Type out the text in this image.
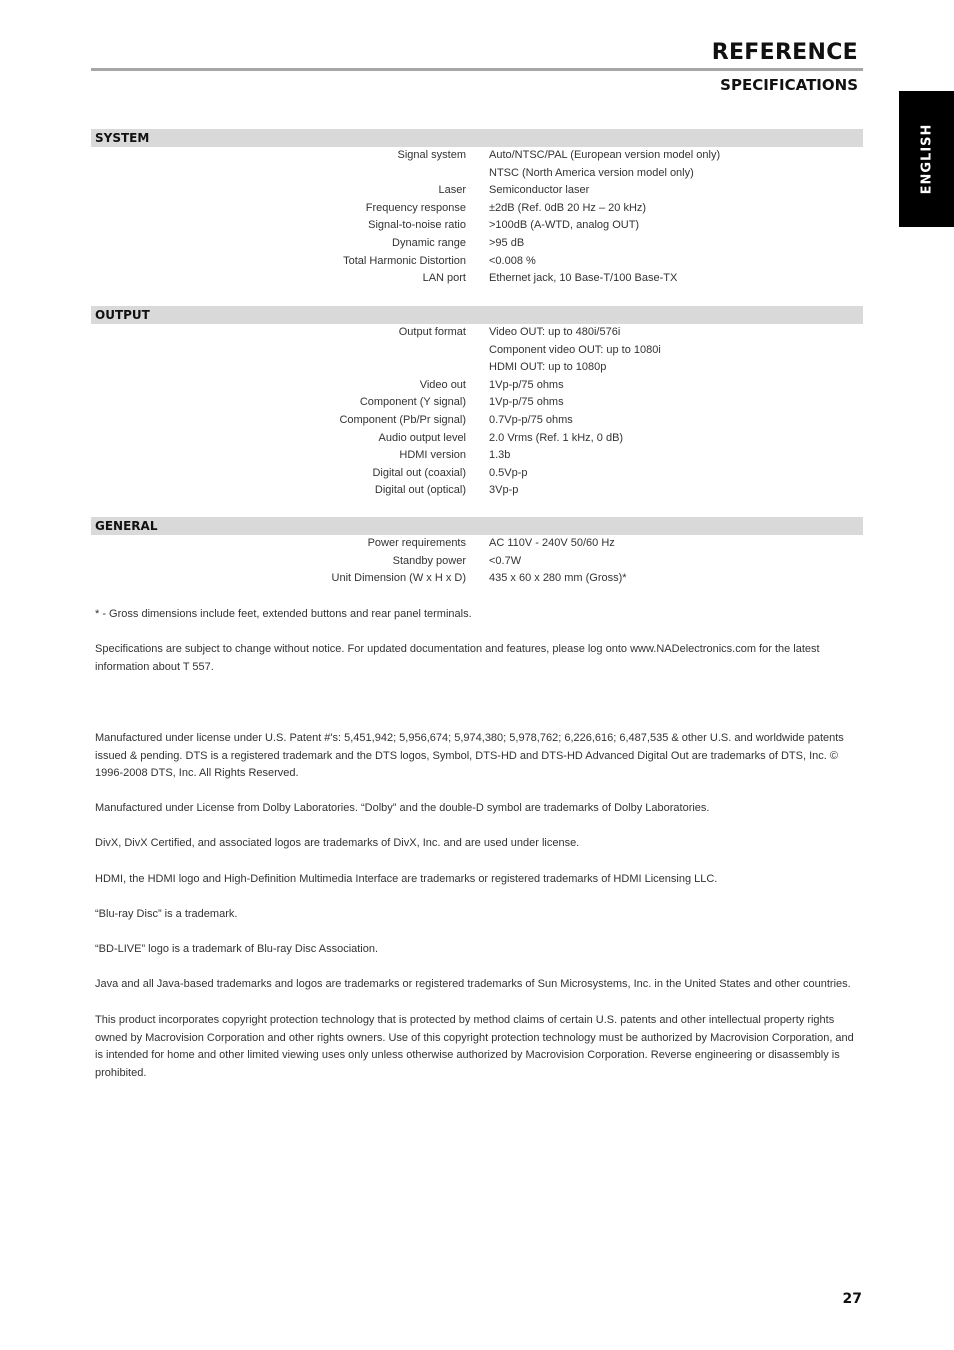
REFERENCE
SPECIFICATIONS
ENGLISH
SYSTEM
Signal system Auto/NTSC/PAL (European version model only)
NTSC (North America version model only)
Laser Semiconductor laser
Frequency response ±2dB (Ref. 0dB 20 Hz – 20 kHz)
Signal-to-noise ratio >100dB (A-WTD, analog OUT)
Dynamic range >95 dB
Total Harmonic Distortion <0.008 %
LAN port Ethernet jack, 10 Base-T/100 Base-TX
OUTPUT
Output format Video OUT: up to 480i/576i
Component video OUT: up to 1080i
HDMI OUT: up to 1080p
Video out 1Vp-p/75 ohms
Component (Y signal) 1Vp-p/75 ohms
Component (Pb/Pr signal) 0.7Vp-p/75 ohms
Audio output level 2.0 Vrms (Ref. 1 kHz, 0 dB)
HDMI version 1.3b
Digital out (coaxial) 0.5Vp-p
Digital out (optical) 3Vp-p
GENERAL
Power requirements AC 110V - 240V 50/60 Hz
Standby power <0.7W
Unit Dimension (W x H x D) 435 x 60 x 280 mm (Gross)*

* - Gross dimensions include feet, extended buttons and rear panel terminals.

Specifications are subject to change without notice. For updated documentation and features, please log onto www.NADelectronics.com for the latest information about T 557.

Manufactured under license under U.S. Patent #'s: 5,451,942; 5,956,674; 5,974,380; 5,978,762; 6,226,616; 6,487,535 & other U.S. and worldwide patents issued & pending. DTS is a registered trademark and the DTS logos, Symbol, DTS-HD and DTS-HD Advanced Digital Out are trademarks of DTS, Inc. © 1996-2008 DTS, Inc. All Rights Reserved.

Manufactured under License from Dolby Laboratories. “Dolby” and the double-D symbol are trademarks of Dolby Laboratories.

DivX, DivX Certified, and associated logos are trademarks of DivX, Inc. and are used under license.

HDMI, the HDMI logo and High-Definition Multimedia Interface are trademarks or registered trademarks of HDMI Licensing LLC.

“Blu-ray Disc” is a trademark.

“BD-LIVE” logo is a trademark of Blu-ray Disc Association.

Java and all Java-based trademarks and logos are trademarks or registered trademarks of Sun Microsystems, Inc. in the United States and other countries.

This product incorporates copyright protection technology that is protected by method claims of certain U.S. patents and other intellectual property rights owned by Macrovision Corporation and other rights owners. Use of this copyright protection technology must be authorized by Macrovision Corporation, and is intended for home and other limited viewing uses only unless otherwise authorized by Macrovision Corporation. Reverse engineering or disassembly is prohibited.

27
